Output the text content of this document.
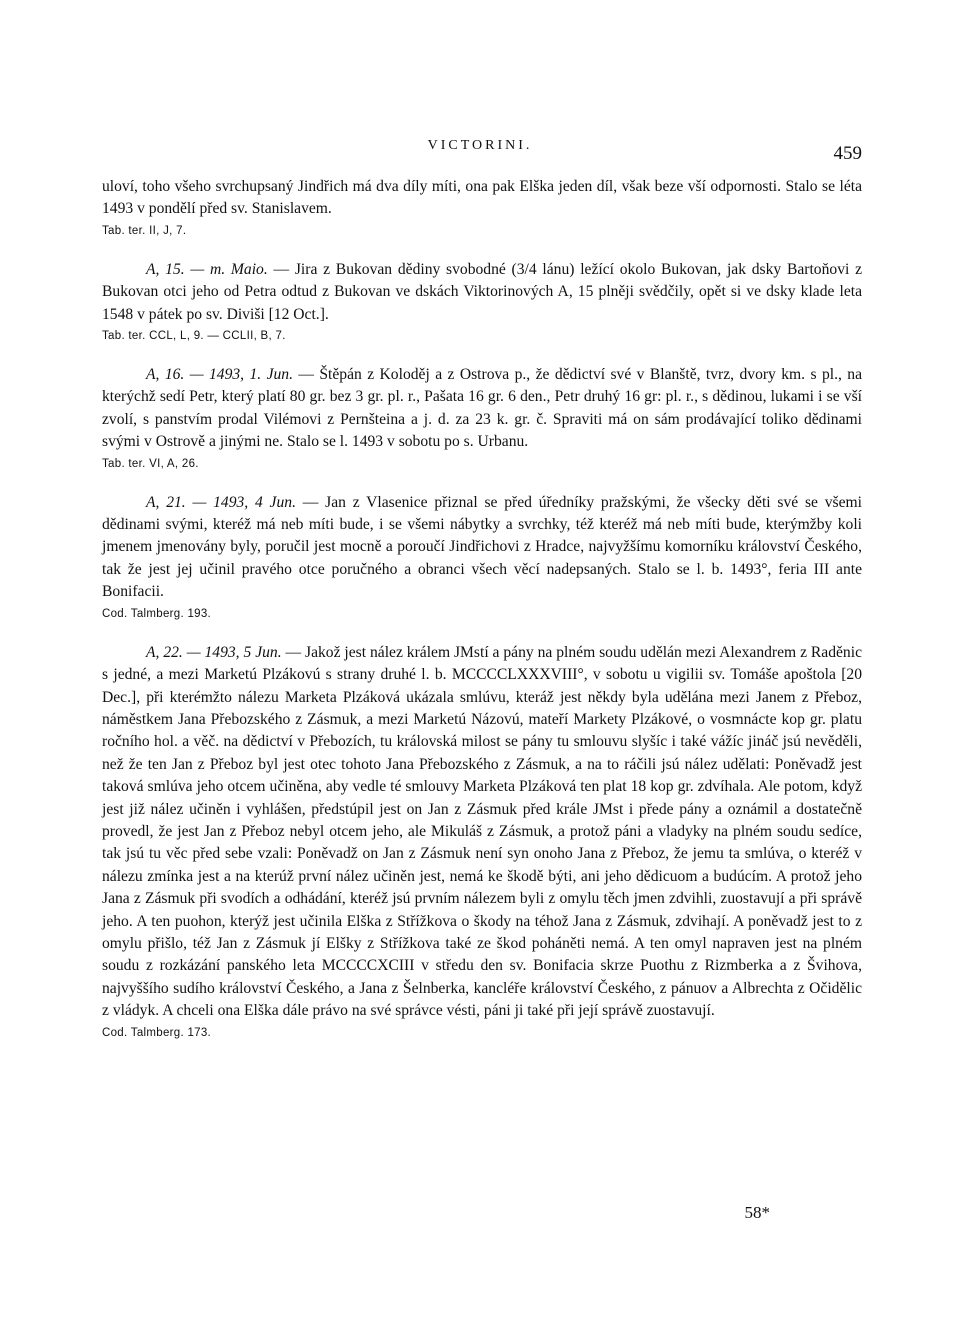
VICTORINI.	459

uloví, toho všeho svrchupsaný Jindřich má dva díly míti, ona pak Elška jeden díl, však beze vší odpornosti. Stalo se léta 1493 v pondělí před sv. Stanislavem.

Tab. ter. II, J, 7.

A, 15. — m. Maio. — Jira z Bukovan dědiny svobodné (3/4 lánu) ležící okolo Bukovan, jak dsky Bartoňovi z Bukovan otci jeho od Petra odtud z Bukovan ve dskách Viktorinových A, 15 plněji svědčily, opět si ve dsky klade leta 1548 v pátek po sv. Diviši [12 Oct.].

Tab. ter. CCL, L, 9. — CCLII, B, 7.

A, 16. — 1493, 1. Jun. — Štěpán z Koloděj a z Ostrova p., že dědictví své v Blanště, tvrz, dvory km. s pl., na kterýchž sedí Petr, který platí 80 gr. bez 3 gr. pl. r., Pašata 16 gr. 6 den., Petr druhý 16 gr: pl. r., s dědinou, lukami i se vší zvolí, s panstvím prodal Vilémovi z Pernšteina a j. d. za 23 k. gr. č. Spraviti má on sám prodávající toliko dědinami svými v Ostrově a jinými ne. Stalo se l. 1493 v sobotu po s. Urbanu.

Tab. ter. VI, A, 26.

A, 21. — 1493, 4 Jun. — Jan z Vlasenice přiznal se před úředníky pražskými, že všecky děti své se všemi dědinami svými, kteréž má neb míti bude, i se všemi nábytky a svrchky, též kteréž má neb míti bude, kterýmžby koli jmenem jmenovány byly, poručil jest mocně a poroučí Jindřichovi z Hradce, najvyžšímu komorníku království Českého, tak že jest jej učinil pravého otce poručného a obranci všech věcí nadepsaných. Stalo se l. b. 1493°, feria III ante Bonifacii.

Cod. Talmberg. 193.

A, 22. — 1493, 5 Jun. — Jakož jest nález králem JMstí a pány na plném soudu udělán mezi Alexandrem z Raděnic s jedné, a mezi Marketú Plzákovú s strany druhé l. b. MCCCCLXXXVIII°, v sobotu u vigilii sv. Tomáše apoštola [20 Dec.], při kterémžto nálezu Marketa Plzáková ukázala smlúvu, kteráž jest někdy byla udělána mezi Janem z Přeboz, náměstkem Jana Přebozského z Zásmuk, a mezi Marketú Názovú, mateří Markety Plzákové, o vosmnácte kop gr. platu ročního hol. a věč. na dědictví v Přebozích, tu královská milost se pány tu smlouvu slyšíc i také vážíc jináč jsú nevěděli, než že ten Jan z Přeboz byl jest otec tohoto Jana Přebozského z Zásmuk, a na to ráčili jsú nález udělati: Poněvadž jest taková smlúva jeho otcem učiněna, aby vedle té smlouvy Marketa Plzáková ten plat 18 kop gr. zdvíhala. Ale potom, když jest již nález učiněn i vyhlášen, předstúpil jest on Jan z Zásmuk před krále JMst i přede pány a oznámil a dostatečně provedl, že jest Jan z Přeboz nebyl otcem jeho, ale Mikuláš z Zásmuk, a protož páni a vladyky na plném soudu sedíce, tak jsú tu věc před sebe vzali: Poněvadž on Jan z Zásmuk není syn onoho Jana z Přeboz, že jemu ta smlúva, o kteréž v nálezu zmínka jest a na kterúž první nález učiněn jest, nemá ke škodě býti, ani jeho dědicuom a budúcím. A protož jeho Jana z Zásmuk při svodích a odhádání, kteréž jsú prvním nálezem byli z omylu těch jmen zdvihli, zuostavují a při správě jeho. A ten puohon, kterýž jest učinila Elška z Střížkova o škody na téhož Jana z Zásmuk, zdvihají. A poněvadž jest to z omylu přišlo, též Jan z Zásmuk jí Elšky z Střížkova také ze škod poháněti nemá. A ten omyl napraven jest na plném soudu z rozkázání panského leta MCCCCXCIII v středu den sv. Bonifacia skrze Puothu z Rizmberka a z Švihova, najvyššího sudího království Českého, a Jana z Šelnberka, kancléře království Českého, z pánuov a Albrechta z Očidělic z vládyk. A chceli ona Elška dále právo na své správce vésti, páni ji také při její správě zuostavují.

Cod. Talmberg. 173.

58*
